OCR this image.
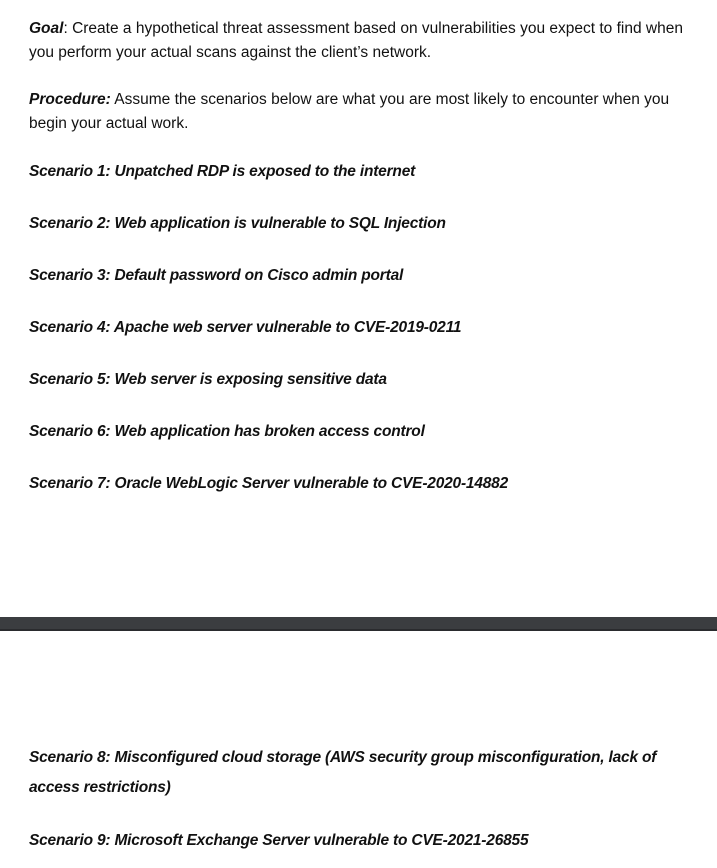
Goal: Create a hypothetical threat assessment based on vulnerabilities you expect to find when you perform your actual scans against the client’s network.

Procedure: Assume the scenarios below are what you are most likely to encounter when you begin your actual work.

Scenario 1: Unpatched RDP is exposed to the internet

Scenario 2: Web application is vulnerable to SQL Injection

Scenario 3: Default password on Cisco admin portal

Scenario 4: Apache web server vulnerable to CVE-2019-0211

Scenario 5: Web server is exposing sensitive data

Scenario 6: Web application has broken access control

Scenario 7: Oracle WebLogic Server vulnerable to CVE-2020-14882

Scenario 8: Misconfigured cloud storage (AWS security group misconfiguration, lack of access restrictions)

Scenario 9: Microsoft Exchange Server vulnerable to CVE-2021-26855
